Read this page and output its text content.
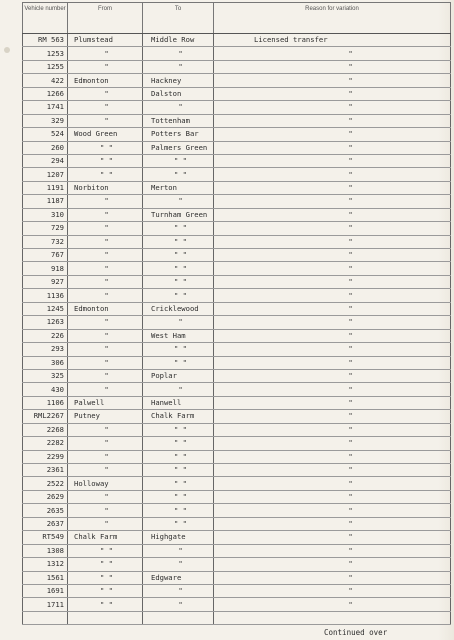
Vehicle number	From	To	Reason for variation
RM 563	Plumstead	Middle Row	Licensed transfer
1253	"	"	"
1255	"	"	"
422	Edmonton	Hackney	"
1266	"	Dalston	"
1741	"	"	"
329	"	Tottenham	"
524	Wood Green	Potters Bar	"
260	" "	Palmers Green	"
294	" "	" "	"
1207	" "	" "	"
1191	Norbiton	Merton	"
1187	"	"	"
310	"	Turnham Green	"
729	"	" "	"
732	"	" "	"
767	"	" "	"
918	"	" "	"
927	"	" "	"
1136	"	" "	"
1245	Edmonton	Cricklewood	"
1263	"	"	"
226	"	West Ham	"
293	"	" "	"
306	"	" "	"
325	"	Poplar	"
430	"	"	"
1106	Palwell	Hanwell	"
RML2267	Putney	Chalk Farm	"
2268	"	" "	"
2282	"	" "	"
2299	"	" "	"
2361	"	" "	"
2522	Holloway	" "	"
2629	"	" "	"
2635	"	" "	"
2637	"	" "	"
RT549	Chalk Farm	Highgate	"
1308	" "	"	"
1312	" "	"	"
1561	" "	Edgware	"
1691	" "	"	"
1711	" "	"	"

Continued over
